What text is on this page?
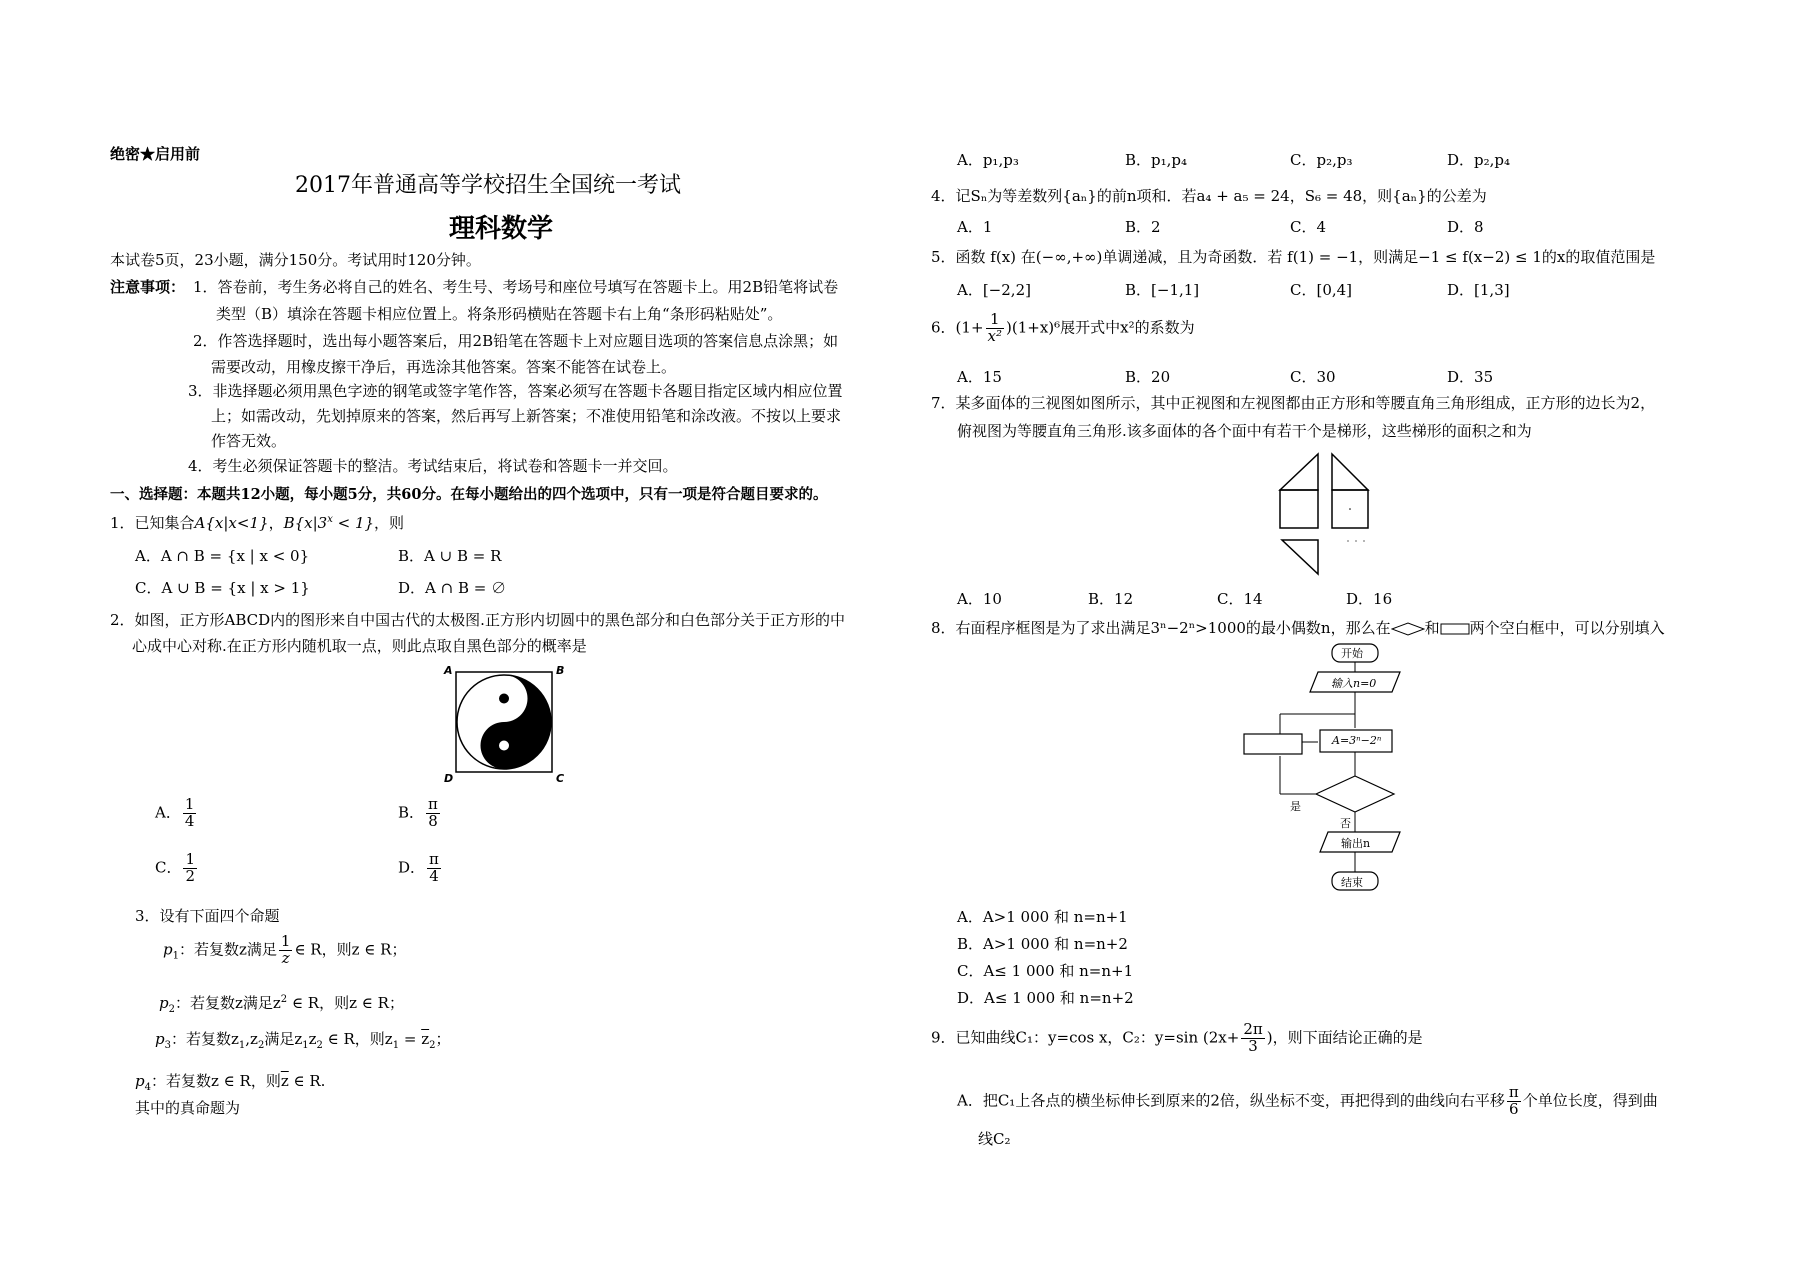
绝密★启用前
2017年普通高等学校招生全国统一考试
理科数学
本试卷5页，23小题，满分150分。考试用时120分钟。
注意事项： 1．答卷前，考生务必将自己的姓名、考生号、考场号和座位号填写在答题卡上。用2B铅笔将试卷
类型（B）填涂在答题卡相应位置上。将条形码横贴在答题卡右上角“条形码粘贴处”。
2．作答选择题时，选出每小题答案后，用2B铅笔在答题卡上对应题目选项的答案信息点涂黑；如
需要改动，用橡皮擦干净后，再选涂其他答案。答案不能答在试卷上。
3．非选择题必须用黑色字迹的钢笔或签字笔作答，答案必须写在答题卡各题目指定区域内相应位置
上；如需改动，先划掉原来的答案，然后再写上新答案；不准使用铅笔和涂改液。不按以上要求
作答无效。
4．考生必须保证答题卡的整洁。考试结束后，将试卷和答题卡一并交回。
一、选择题：本题共12小题，每小题5分，共60分。在每小题给出的四个选项中，只有一项是符合题目要求的。
1．已知集合A{x|x<1}，$B\{x|3^x < 1\}$，则
A．A ∩ B = {x | x < 0}	B．A ∪ B = R
C．A ∪ B = {x | x > 1}	D．A ∩ B = ∅
2．如图，正方形ABCD内的图形来自中国古代的太极图.正方形内切圆中的黑色部分和白色部分关于正方形的中
心成中心对称.在正方形内随机取一点，则此点取自黑色部分的概率是
A	B
D	C
A． $\frac{1}{4}$	B． $\frac{\pi}{8}$
C． $\frac{1}{2}$	D． $\frac{\pi}{4}$
3．设有下面四个命题
$p_1$：若复数z满足 $\frac{1}{z}$ ∈ R，则z ∈ R；
$p_2$：若复数z满足$z^2$ ∈ R，则z ∈ R；
$p_3$：若复数$z_1,z_2$满足$z_1z_2$ ∈ R，则$z_1 = \overline{z}_2$；
$p_4$：若复数z ∈ R，则$\overline{z}$ ∈ R.
其中的真命题为
A．p₁,p₃	B．p₁,p₄	C．p₂,p₃	D．p₂,p₄
4．记Sₙ为等差数列{aₙ}的前n项和．若a₄ + a₅ = 24，S₆ = 48，则{aₙ}的公差为
A．1	B．2	C．4	D．8
5．函数 f(x) 在(−∞,+∞)单调递减，且为奇函数．若 f(1) = −1，则满足−1 ≤ f(x−2) ≤ 1的x的取值范围是
A．[−2,2]	B．[−1,1]	C．[0,4]	D．[1,3]
6．$(1+ \frac{1}{\text{x²}} )(1+x)^6$展开式中x²的系数为
A．15	B．20	C．30	D．35
7．某多面体的三视图如图所示，其中正视图和左视图都由正方形和等腰直角三角形组成，正方形的边长为2，
俯视图为等腰直角三角形.该多面体的各个面中有若干个是梯形，这些梯形的面积之和为
A．10	B．12	C．14	D．16
8．右面程序框图是为了求出满足3ⁿ−2ⁿ>1000的最小偶数n，那么在 和 两个空白框中，可以分别填入
开始
输入n=0
A=3ⁿ−2ⁿ
是
否
输出n
结束
A．A>1 000 和 n=n+1
B．A>1 000 和 n=n+2
C．A≤ 1 000 和 n=n+1
D．A≤ 1 000 和 n=n+2
9．已知曲线C₁：y=cos x，C₂：y=sin ($2x+ \frac{2\pi}{3}$ )，则下面结论正确的是
A．把C₁上各点的横坐标伸长到原来的2倍，纵坐标不变，再把得到的曲线向右平移 $\frac{\pi}{6}$ 个单位长度，得到曲
线C₂
